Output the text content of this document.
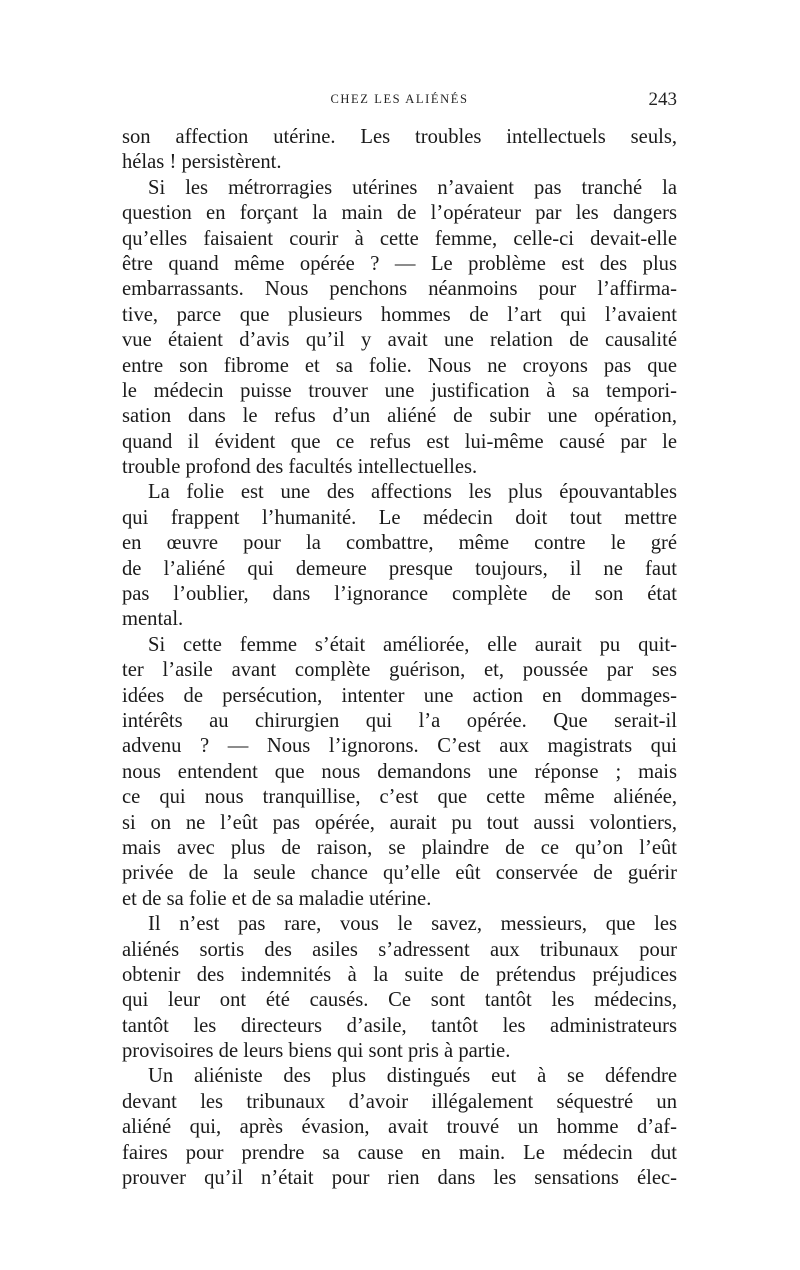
CHEZ LES ALIÉNÉS	243
son affection utérine. Les troubles intellectuels seuls,
hélas ! persistèrent.
Si les métrorragies utérines n’avaient pas tranché la
question en forçant la main de l’opérateur par les dangers
qu’elles faisaient courir à cette femme, celle-ci devait-elle
être quand même opérée ? — Le problème est des plus
embarrassants. Nous penchons néanmoins pour l’affirma-
tive, parce que plusieurs hommes de l’art qui l’avaient
vue étaient d’avis qu’il y avait une relation de causalité
entre son fibrome et sa folie. Nous ne croyons pas que
le médecin puisse trouver une justification à sa tempori-
sation dans le refus d’un aliéné de subir une opération,
quand il évident que ce refus est lui-même causé par le
trouble profond des facultés intellectuelles.
La folie est une des affections les plus épouvantables
qui frappent l’humanité. Le médecin doit tout mettre
en œuvre pour la combattre, même contre le gré
de l’aliéné qui demeure presque toujours, il ne faut
pas l’oublier, dans l’ignorance complète de son état
mental.
Si cette femme s’était améliorée, elle aurait pu quit-
ter l’asile avant complète guérison, et, poussée par ses
idées de persécution, intenter une action en dommages-
intérêts au chirurgien qui l’a opérée. Que serait-il
advenu ? — Nous l’ignorons. C’est aux magistrats qui
nous entendent que nous demandons une réponse ; mais
ce qui nous tranquillise, c’est que cette même aliénée,
si on ne l’eût pas opérée, aurait pu tout aussi volontiers,
mais avec plus de raison, se plaindre de ce qu’on l’eût
privée de la seule chance qu’elle eût conservée de guérir
et de sa folie et de sa maladie utérine.
Il n’est pas rare, vous le savez, messieurs, que les
aliénés sortis des asiles s’adressent aux tribunaux pour
obtenir des indemnités à la suite de prétendus préjudices
qui leur ont été causés. Ce sont tantôt les médecins,
tantôt les directeurs d’asile, tantôt les administrateurs
provisoires de leurs biens qui sont pris à partie.
Un aliéniste des plus distingués eut à se défendre
devant les tribunaux d’avoir illégalement séquestré un
aliéné qui, après évasion, avait trouvé un homme d’af-
faires pour prendre sa cause en main. Le médecin dut
prouver qu’il n’était pour rien dans les sensations élec-
